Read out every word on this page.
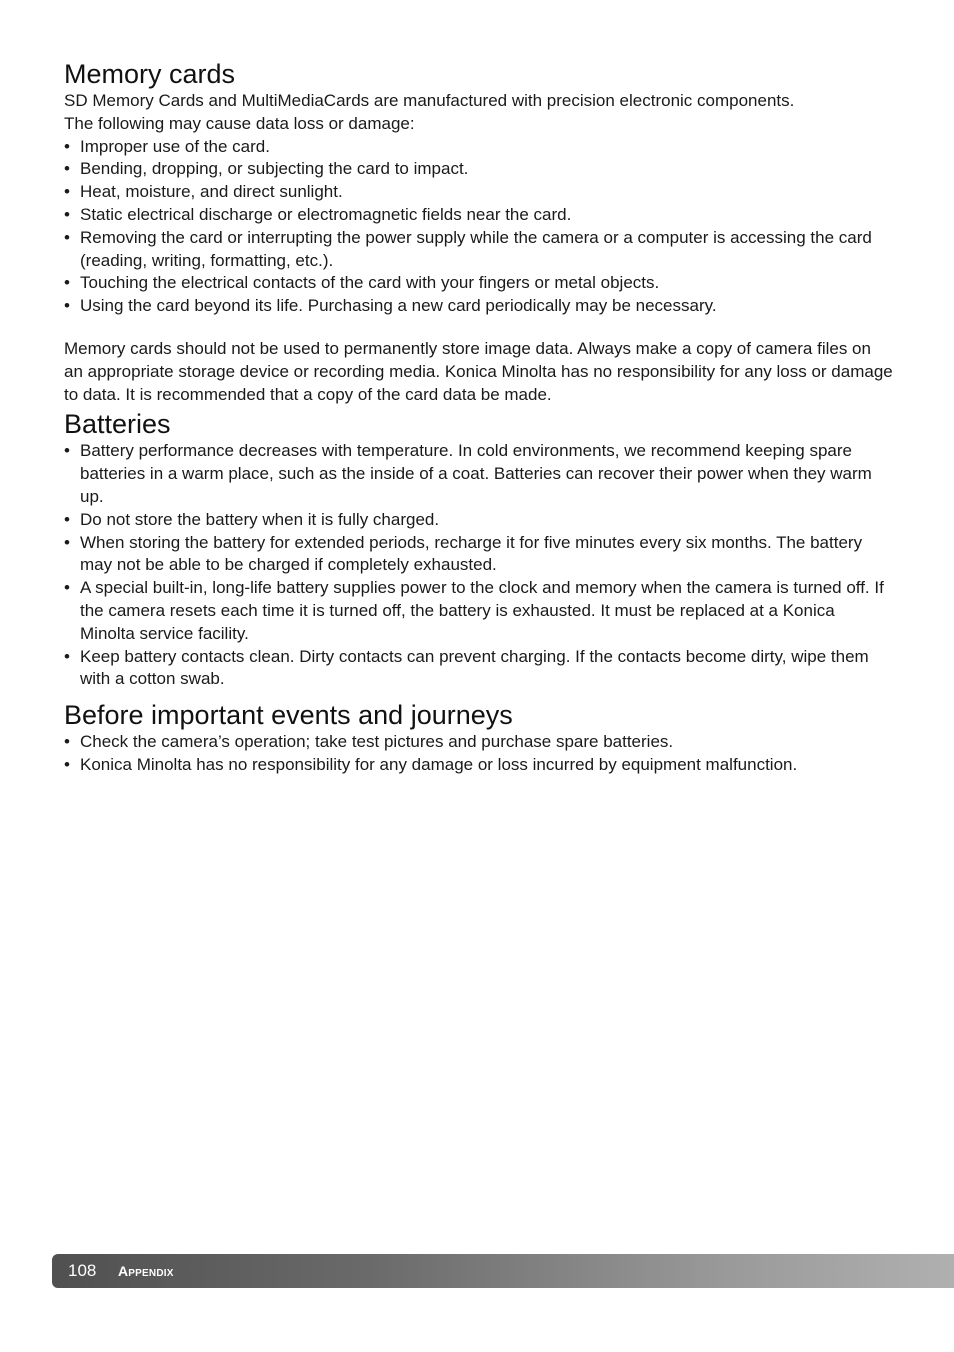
Memory cards

SD Memory Cards and MultiMediaCards are manufactured with precision electronic components.

The following may cause data loss or damage:

• Improper use of the card.
• Bending, dropping, or subjecting the card to impact.
• Heat, moisture, and direct sunlight.
• Static electrical discharge or electromagnetic fields near the card.
• Removing the card or interrupting the power supply while the camera or a computer is accessing the card (reading, writing, formatting, etc.).
• Touching the electrical contacts of the card with your fingers or metal objects.
• Using the card beyond its life. Purchasing a new card periodically may be necessary.

Memory cards should not be used to permanently store image data. Always make a copy of camera files on an appropriate storage device or recording media. Konica Minolta has no responsibility for any loss or damage to data. It is recommended that a copy of the card data be made.

Batteries
• Battery performance decreases with temperature. In cold environments, we recommend keeping spare batteries in a warm place, such as the inside of a coat. Batteries can recover their power when they warm up.
• Do not store the battery when it is fully charged.
• When storing the battery for extended periods, recharge it for five minutes every six months. The battery may not be able to be charged if completely exhausted.
• A special built-in, long-life battery supplies power to the clock and memory when the camera is turned off. If the camera resets each time it is turned off, the battery is exhausted. It must be replaced at a Konica Minolta service facility.
• Keep battery contacts clean. Dirty contacts can prevent charging. If the contacts become dirty, wipe them with a cotton swab.
Before important events and journeys
• Check the camera’s operation; take test pictures and purchase spare batteries.
• Konica Minolta has no responsibility for any damage or loss incurred by equipment malfunction.
108 Appendix
